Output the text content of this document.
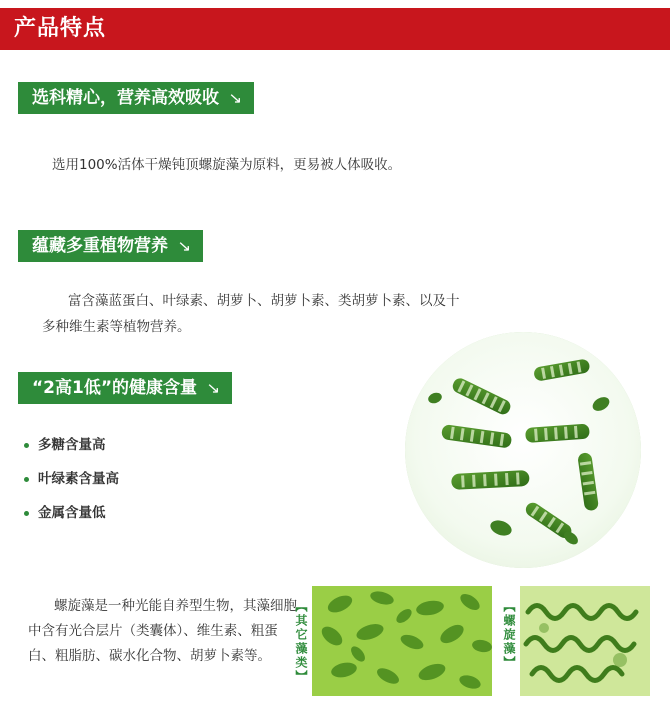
产品特点
选科精心，营养高效吸收 ↘
选用100%活体干燥钝顶螺旋藻为原料，更易被人体吸收。
蕴藏多重植物营养 ↘
富含藻蓝蛋白、叶绿素、胡萝卜、胡萝卜素、类胡萝卜素、以及十多种维生素等植物营养。
“2高1低”的健康含量 ↘
多糖含量高
叶绿素含量高
金属含量低
螺旋藻是一种光能自养型生物，其藻细胞中含有光合层片（类囊体）、维生素、粗蛋白、粗脂肪、碳水化合物、胡萝卜素等。	【其它藻类】	【螺旋藻】
